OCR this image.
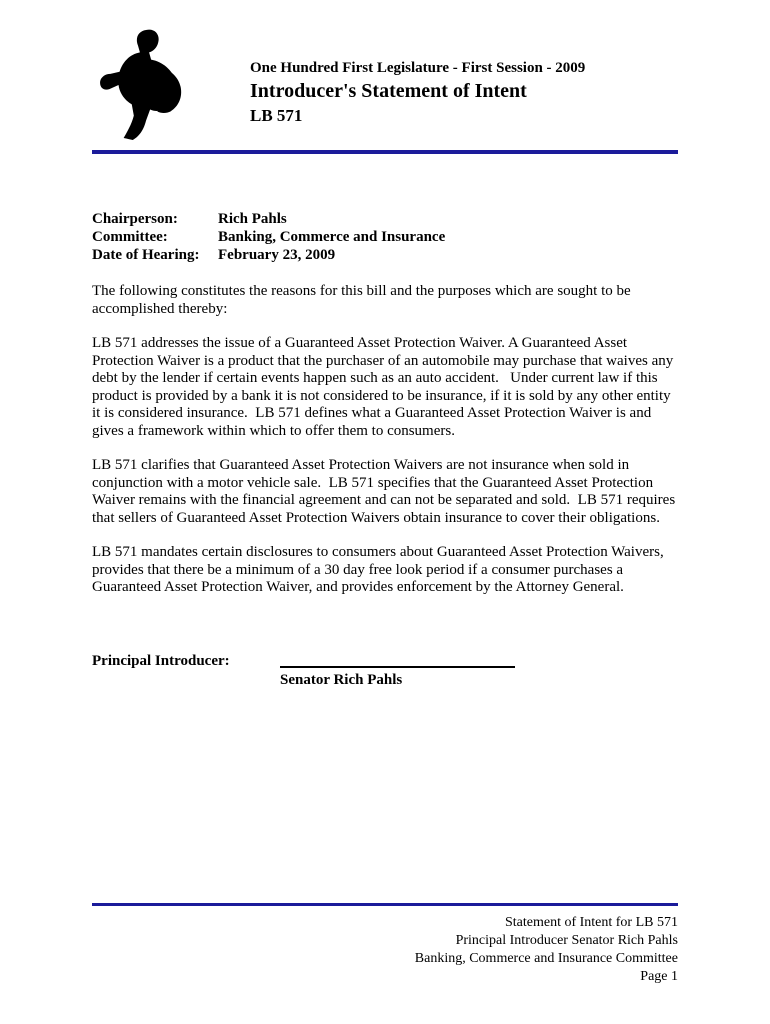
One Hundred First Legislature - First Session - 2009
Introducer's Statement of Intent
LB 571
Chairperson:	Rich Pahls
Committee:	Banking, Commerce and Insurance
Date of Hearing:	February 23, 2009

The following constitutes the reasons for this bill and the purposes which are sought to be accomplished thereby:

LB 571 addresses the issue of a Guaranteed Asset Protection Waiver. A Guaranteed Asset Protection Waiver is a product that the purchaser of an automobile may purchase that waives any debt by the lender if certain events happen such as an auto accident.   Under current law if this product is provided by a bank it is not considered to be insurance, if it is sold by any other entity it is considered insurance.  LB 571 defines what a Guaranteed Asset Protection Waiver is and gives a framework within which to offer them to consumers.

LB 571 clarifies that Guaranteed Asset Protection Waivers are not insurance when sold in conjunction with a motor vehicle sale.  LB 571 specifies that the Guaranteed Asset Protection Waiver remains with the financial agreement and can not be separated and sold.  LB 571 requires that sellers of Guaranteed Asset Protection Waivers obtain insurance to cover their obligations.

LB 571 mandates certain disclosures to consumers about Guaranteed Asset Protection Waivers, provides that there be a minimum of a 30 day free look period if a consumer purchases a Guaranteed Asset Protection Waiver, and provides enforcement by the Attorney General.

Principal Introducer:
Senator Rich Pahls
Statement of Intent for LB 571
Principal Introducer Senator Rich Pahls
Banking, Commerce and Insurance Committee
Page 1
